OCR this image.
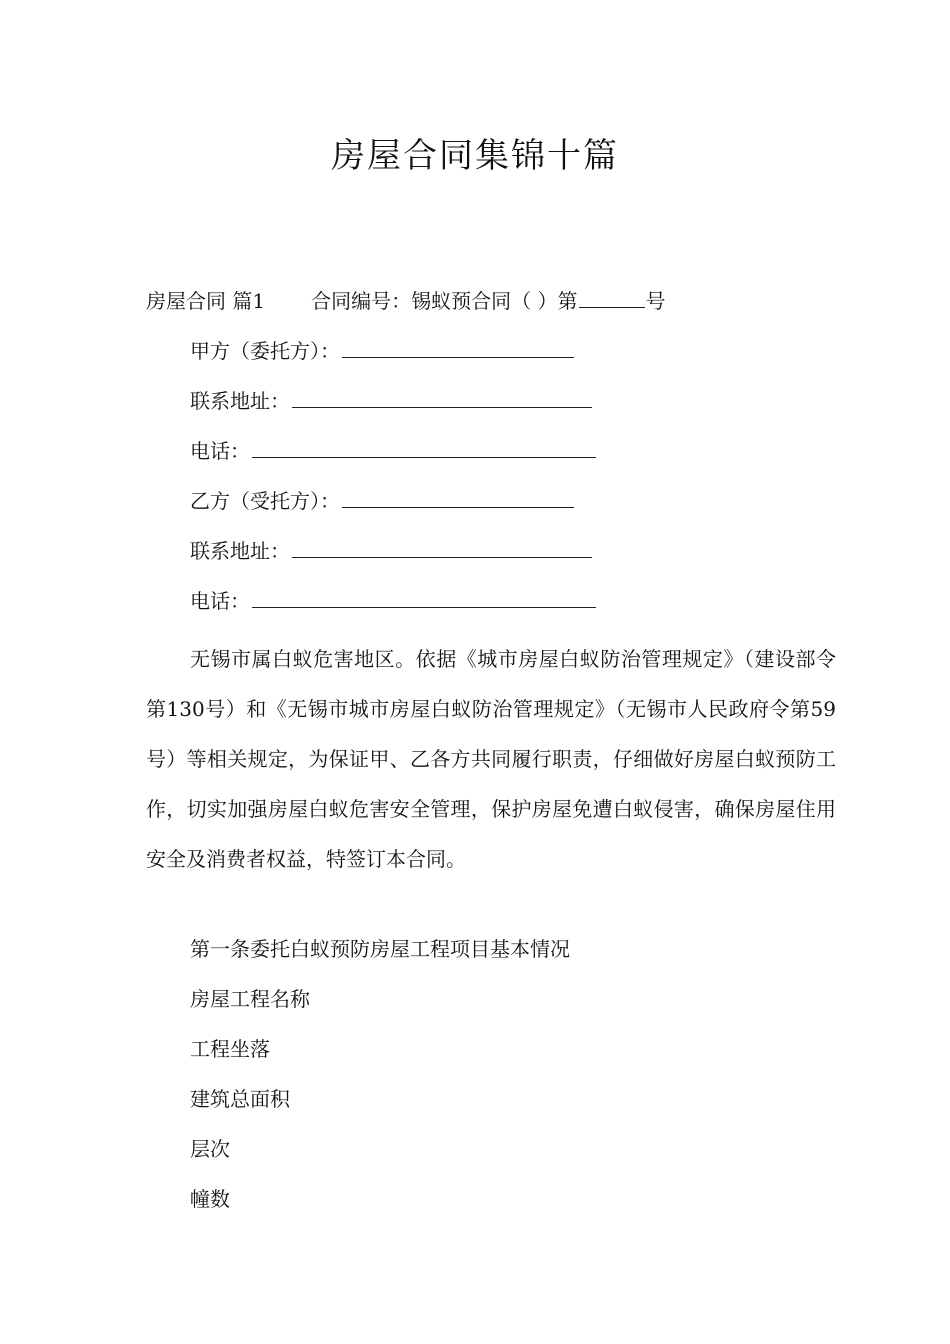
房屋合同集锦十篇
房屋合同 篇1 合同编号：锡蚁预合同（ ）第	号
甲方（委托方）：
联系地址：
电话：
乙方（受托方）：
联系地址：
电话：
无锡市属白蚁危害地区。依据《城市房屋白蚁防治管理规定》（建设部令第130号）和《无锡市城市房屋白蚁防治管理规定》（无锡市人民政府令第59号）等相关规定，为保证甲、乙各方共同履行职责，仔细做好房屋白蚁预防工作，切实加强房屋白蚁危害安全管理，保护房屋免遭白蚁侵害，确保房屋住用安全及消费者权益，特签订本合同。
第一条委托白蚁预防房屋工程项目基本情况
房屋工程名称
工程坐落
建筑总面积
层次
幢数
